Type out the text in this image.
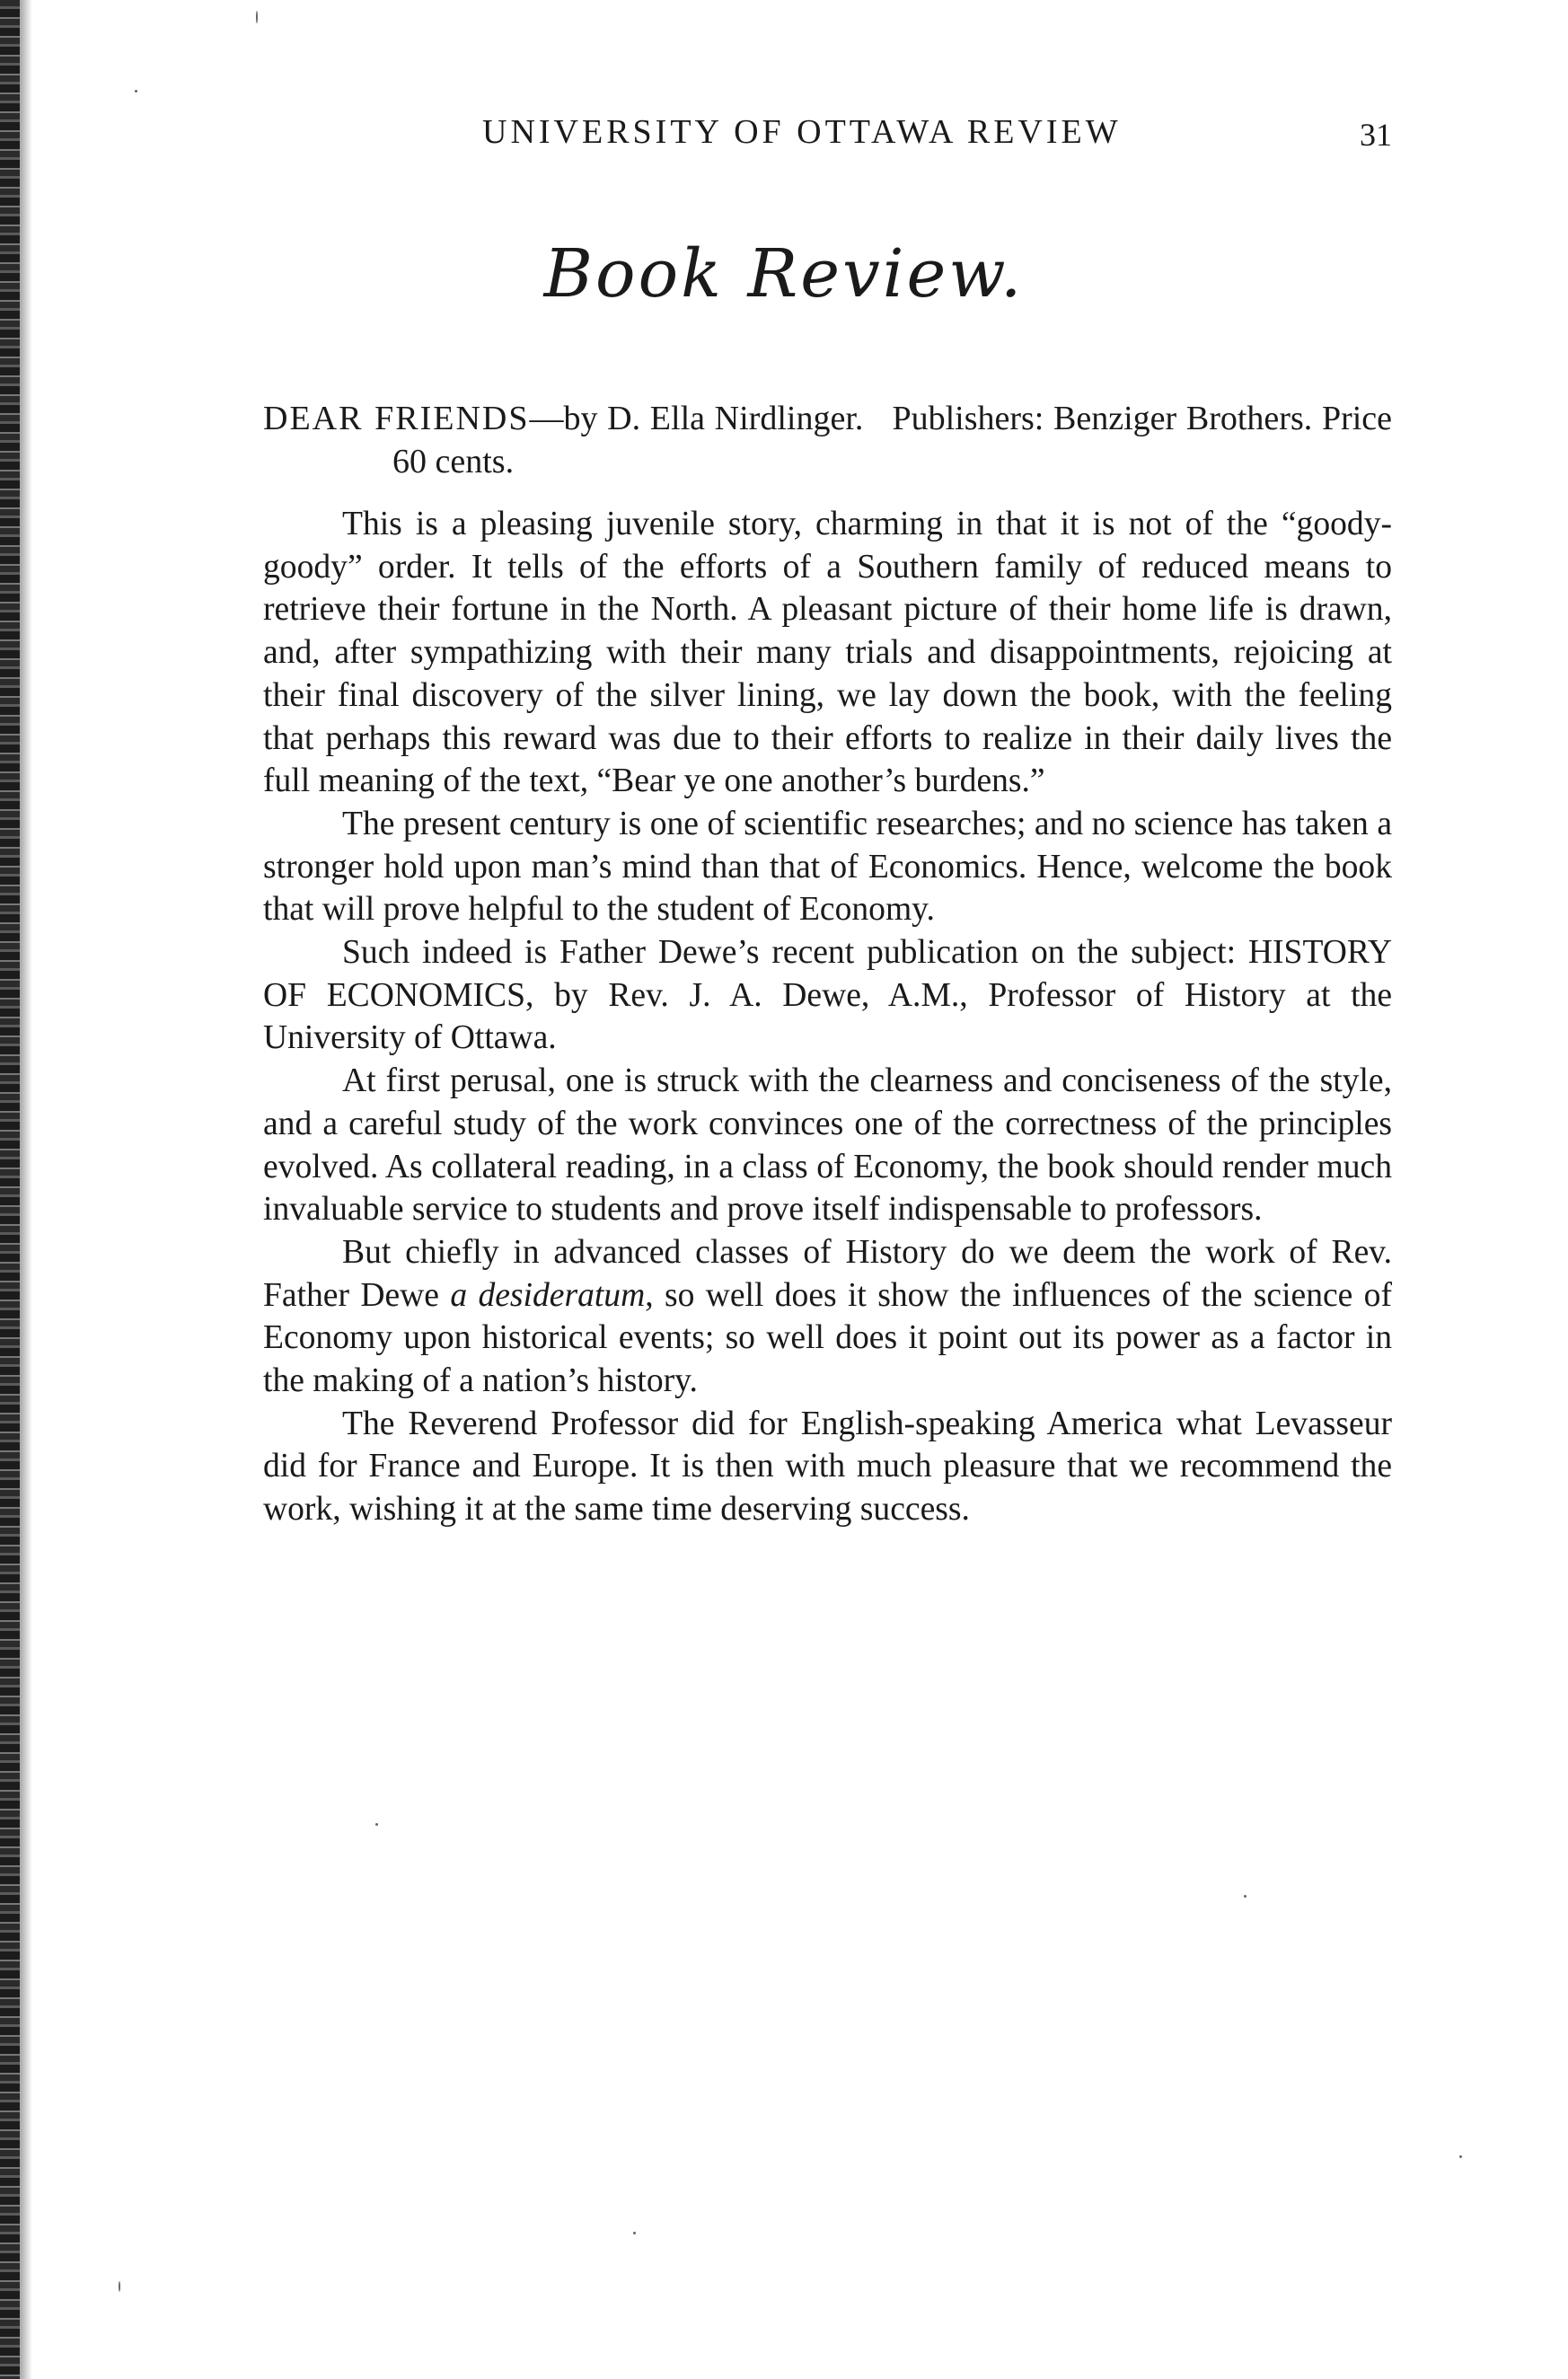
UNIVERSITY OF OTTAWA REVIEW	31
Book Review.

DEAR FRIENDS—by D. Ella Nirdlinger. Publishers: Benziger Brothers. Price 60 cents.

This is a pleasing juvenile story, charming in that it is not of the “goody-goody” order. It tells of the efforts of a Southern family of reduced means to retrieve their fortune in the North. A pleasant picture of their home life is drawn, and, after sympathizing with their many trials and disappointments, rejoicing at their final discovery of the silver lining, we lay down the book, with the feeling that perhaps this reward was due to their efforts to realize in their daily lives the full meaning of the text, “Bear ye one another’s burdens.”

The present century is one of scientific researches; and no science has taken a stronger hold upon man’s mind than that of Economics. Hence, welcome the book that will prove helpful to the student of Economy.

Such indeed is Father Dewe’s recent publication on the subject: HISTORY OF ECONOMICS, by Rev. J. A. Dewe, A.M., Professor of History at the University of Ottawa.

At first perusal, one is struck with the clearness and conciseness of the style, and a careful study of the work convinces one of the correctness of the principles evolved. As collateral reading, in a class of Economy, the book should render much invaluable service to students and prove itself indispensable to professors.

But chiefly in advanced classes of History do we deem the work of Rev. Father Dewe a desideratum, so well does it show the influences of the science of Economy upon historical events; so well does it point out its power as a factor in the making of a nation’s history.

The Reverend Professor did for English-speaking America what Levasseur did for France and Europe. It is then with much pleasure that we recommend the work, wishing it at the same time deserving success.
